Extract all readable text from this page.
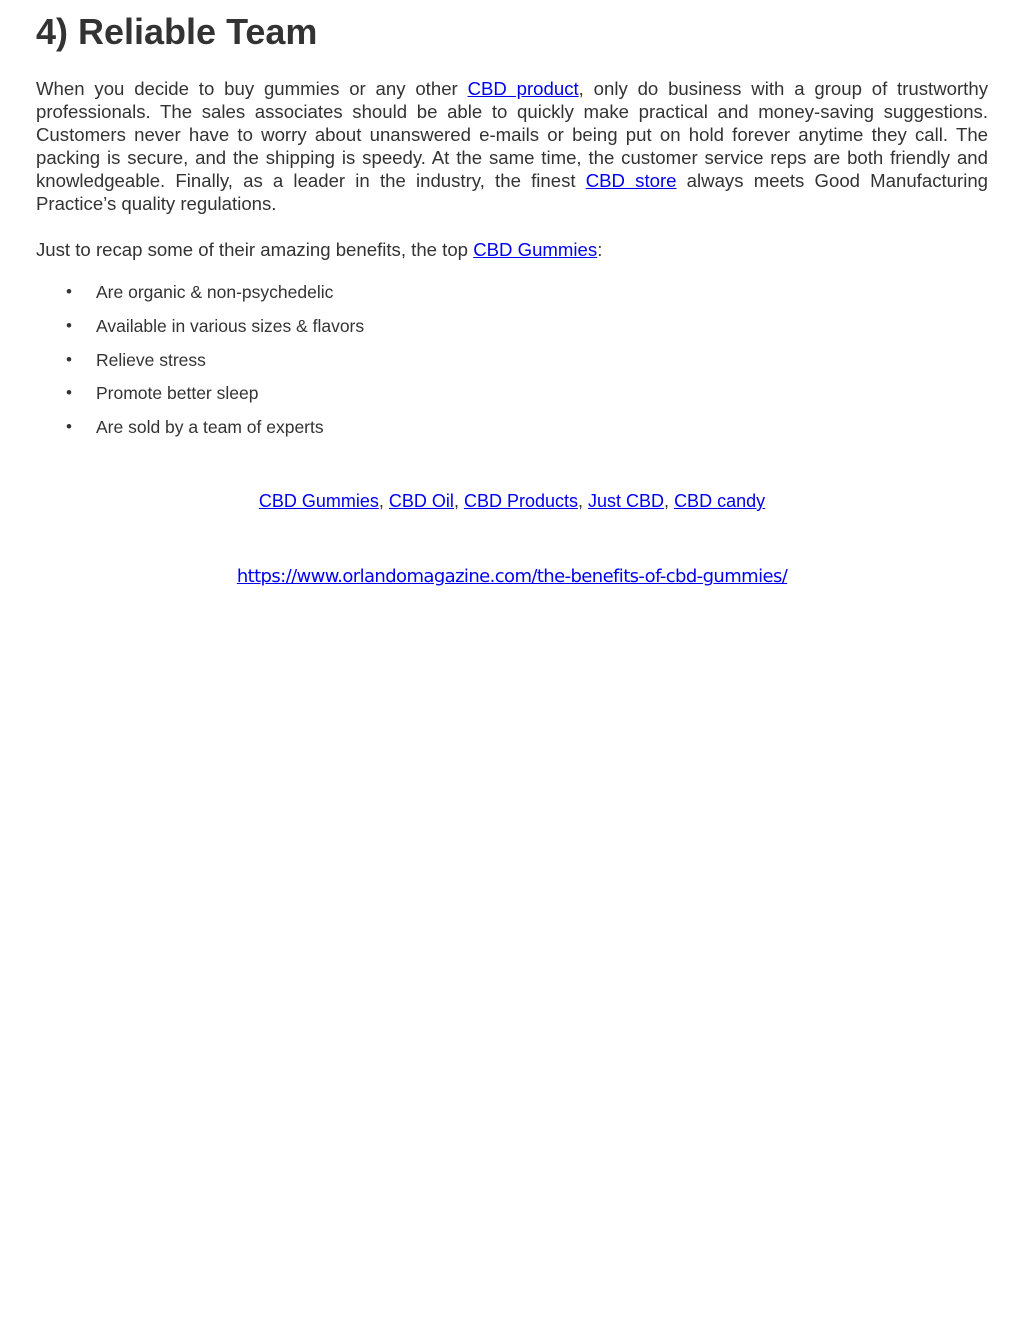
4) Reliable Team

When you decide to buy gummies or any other CBD product, only do business with a group of trustworthy professionals. The sales associates should be able to quickly make practical and money-saving suggestions. Customers never have to worry about unanswered e-mails or being put on hold forever anytime they call. The packing is secure, and the shipping is speedy. At the same time, the customer service reps are both friendly and knowledgeable. Finally, as a leader in the industry, the finest CBD store always meets Good Manufacturing Practice’s quality regulations.

Just to recap some of their amazing benefits, the top CBD Gummies:

• Are organic & non-psychedelic
• Available in various sizes & flavors
• Relieve stress
• Promote better sleep
• Are sold by a team of experts
CBD Gummies, CBD Oil, CBD Products, Just CBD, CBD candy
https://www.orlandomagazine.com/the-benefits-of-cbd-gummies/
